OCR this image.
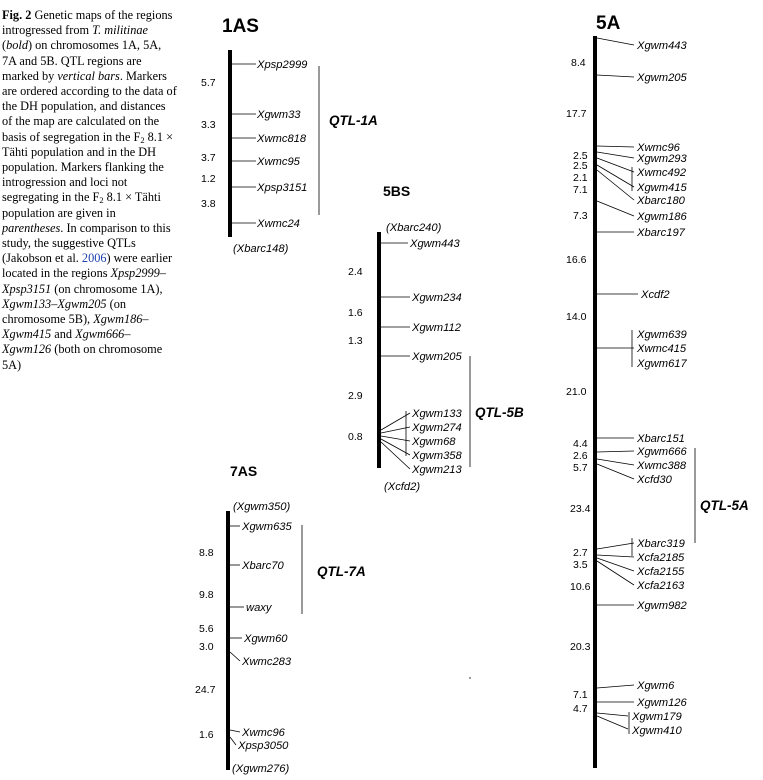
Fig. 2 Genetic maps of the regions introgressed from T. militinae (bold) on chromosomes 1A, 5A, 7A and 5B. QTL regions are marked by vertical bars. Markers are ordered according to the data of the DH population, and distances of the map are calculated on the basis of segregation in the $F_2$ 8.1 × Tähti population and in the DH population. Markers flanking the introgression and loci not segregating in the $F_2$ 8.1 × Tähti population are given in parentheses. In comparison to this study, the suggestive QTLs (Jakobson et al. 2006) were earlier located in the regions Xpsp2999–Xpsp3151 (on chromosome 1A), Xgwm133–Xgwm205 (on chromosome 5B), Xgwm186–Xgwm415 and Xgwm666–Xgwm126 (both on chromosome 5A)
1AS
Xpsp2999
Xgwm33
Xwmc818
Xwmc95
Xpsp3151
Xwmc24
(Xbarc148)
5.7
3.3
3.7
1.2
3.8
QTL-1A
5BS
(Xbarc240)
Xgwm443
Xgwm234
Xgwm112
Xgwm205
Xgwm133
Xgwm274
Xgwm68
Xgwm358
Xgwm213
(Xcfd2)
2.4
1.6
1.3
2.9
0.8
QTL-5B
7AS
(Xgwm350)
Xgwm635
Xbarc70
waxy
Xgwm60
Xwmc283
Xwmc96
Xpsp3050
(Xgwm276)
8.8
9.8
5.6
3.0
24.7
1.6
QTL-7A
5A
Xgwm443
Xgwm205
Xwmc96
Xgwm293
Xwmc492
Xgwm415
Xbarc180
Xgwm186
Xbarc197
Xcdf2
Xgwm639
Xwmc415
Xgwm617
Xbarc151
Xgwm666
Xwmc388
Xcfd30
Xbarc319
Xcfa2185
Xcfa2155
Xcfa2163
Xgwm982
Xgwm6
Xgwm126
Xgwm179
Xgwm410
8.4
17.7
2.5
2.5
2.1
7.1
7.3
16.6
14.0
21.0
4.4
2.6
5.7
23.4
2.7
3.5
10.6
20.3
7.1
4.7
QTL-5A
